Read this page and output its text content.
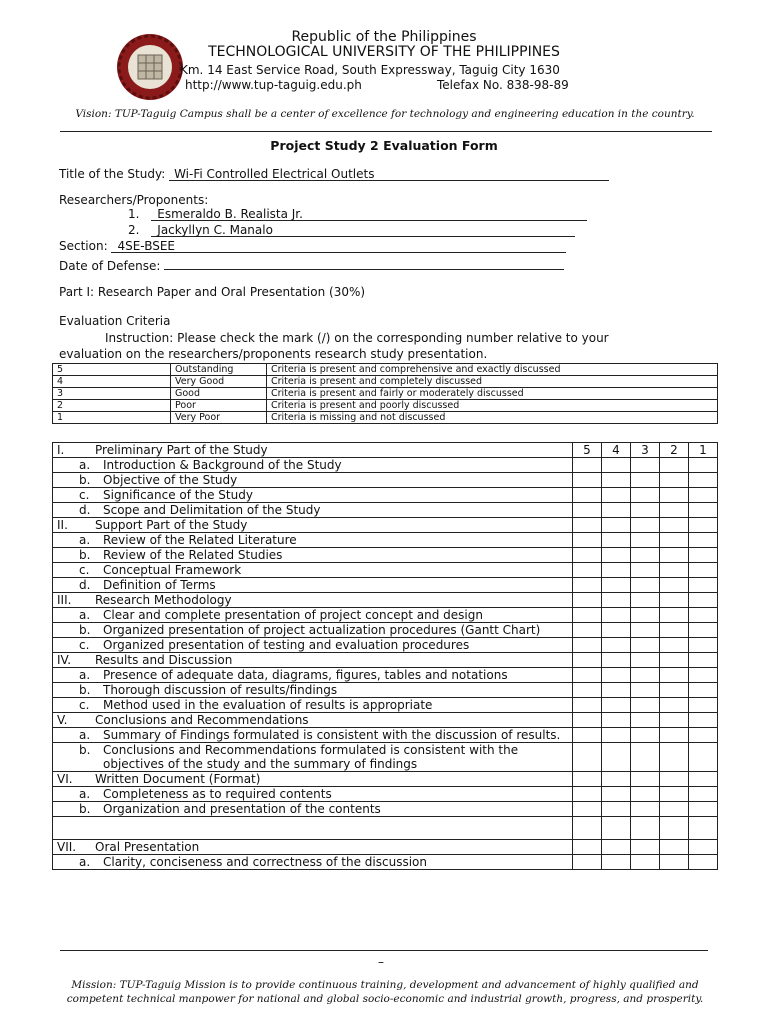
Republic of the Philippines
TECHNOLOGICAL UNIVERSITY OF THE PHILIPPINES
Km. 14 East Service Road, South Expressway, Taguig City 1630
http://www.tup-taguig.edu.ph	Telefax No. 838-98-89
Vision: TUP-Taguig Campus shall be a center of excellence for technology and engineering education in the country.
Project Study 2 Evaluation Form
Title of the Study: Wi-Fi Controlled Electrical Outlets
Researchers/Proponents:
1. Esmeraldo B. Realista Jr.
2. Jackyllyn C. Manalo
Section: 4SE-BSEE
Date of Defense:
Part I: Research Paper and Oral Presentation (30%)
Evaluation Criteria
Instruction: Please check the mark (/) on the corresponding number relative to your
evaluation on the researchers/proponents research study presentation.
5	Outstanding	Criteria is present and comprehensive and exactly discussed
4	Very Good	Criteria is present and completely discussed
3	Good	Criteria is present and fairly or moderately discussed
2	Poor	Criteria is present and poorly discussed
1	Very Poor	Criteria is missing and not discussed
I. Preliminary Part of the Study	5	4	3	2	1

a. Introduction & Background of the Study					

b. Objective of the Study					

c. Significance of the Study					

d. Scope and Delimitation of the Study					

II. Support Part of the Study					

a. Review of the Related Literature					

b. Review of the Related Studies					

c. Conceptual Framework					

d. Definition of Terms					

III. Research Methodology					

a. Clear and complete presentation of project concept and design					

b. Organized presentation of project actualization procedures (Gantt Chart)					

c. Organized presentation of testing and evaluation procedures					

IV. Results and Discussion					

a. Presence of adequate data, diagrams, figures, tables and notations					

b. Thorough discussion of results/findings					

c. Method used in the evaluation of results is appropriate					

V. Conclusions and Recommendations					

a. Summary of Findings formulated is consistent with the discussion of results.					

b. Conclusions and Recommendations formulated is consistent with the objectives of the study and the summary of findings					

VI. Written Document (Format)					

a. Completeness as to required contents					

b. Organization and presentation of the contents					

VII. Oral Presentation					

a. Clarity, conciseness and correctness of the discussion					

–
Mission: TUP-Taguig Mission is to provide continuous training, development and advancement of highly qualified and competent technical manpower for national and global socio-economic and industrial growth, progress, and prosperity.
